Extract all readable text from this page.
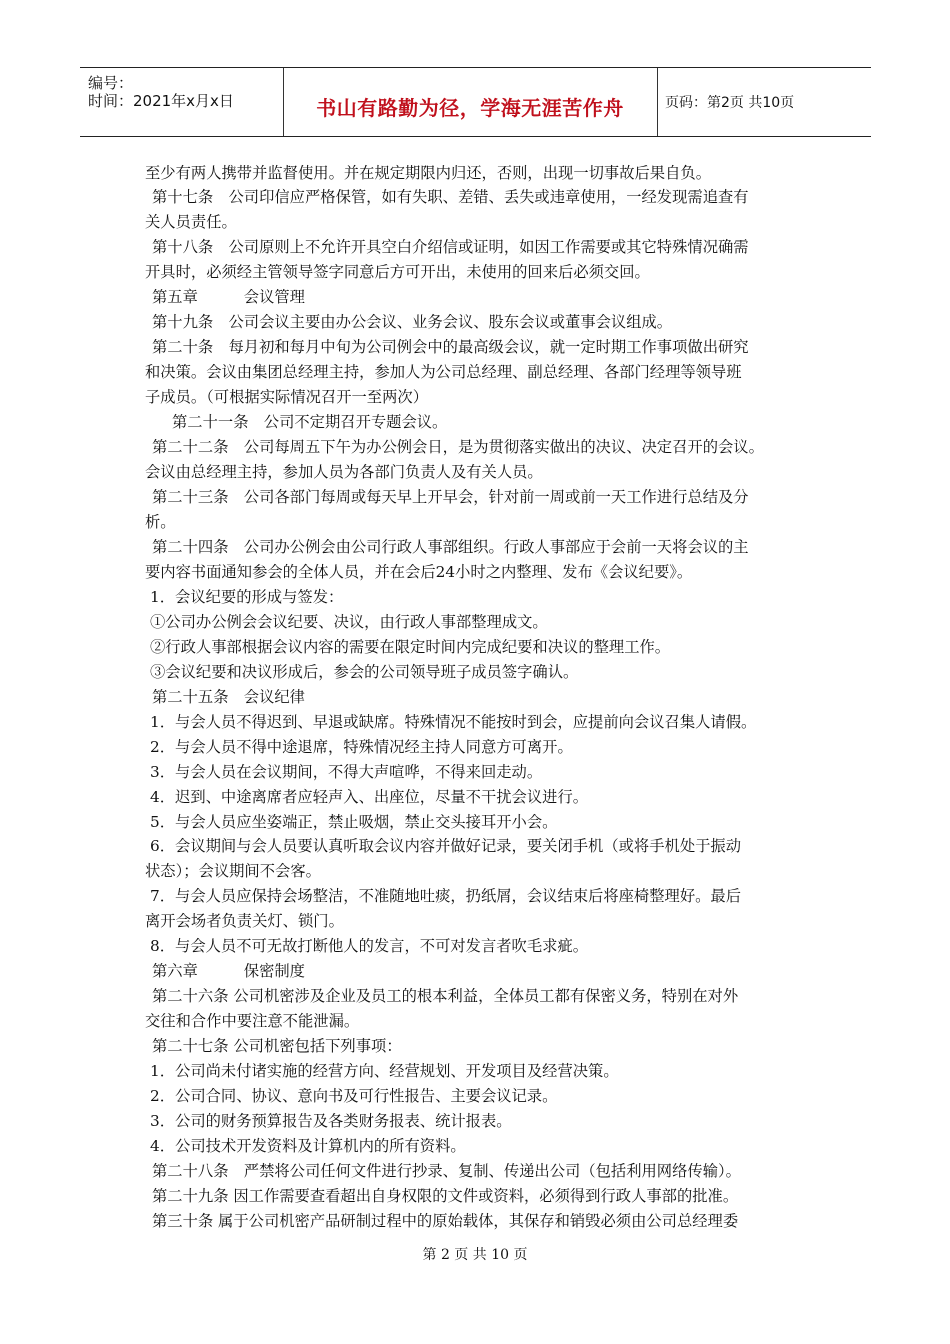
编号：
时间：2021年x月x日	书山有路勤为径，学海无涯苦作舟	页码：第2页 共10页
至少有两人携带并监督使用。并在规定期限内归还，否则，出现一切事故后果自负。
第十七条　公司印信应严格保管，如有失职、差错、丢失或违章使用，一经发现需追查有
关人员责任。
第十八条　公司原则上不允许开具空白介绍信或证明，如因工作需要或其它特殊情况确需
开具时，必须经主管领导签字同意后方可开出，未使用的回来后必须交回。
第五章　　　会议管理
第十九条　公司会议主要由办公会议、业务会议、股东会议或董事会议组成。
第二十条　每月初和每月中旬为公司例会中的最高级会议，就一定时期工作事项做出研究
和决策。会议由集团总经理主持，参加人为公司总经理、副总经理、各部门经理等领导班
子成员。（可根据实际情况召开一至两次）
第二十一条　公司不定期召开专题会议。
第二十二条　公司每周五下午为办公例会日，是为贯彻落实做出的决议、决定召开的会议。
会议由总经理主持，参加人员为各部门负责人及有关人员。
第二十三条　公司各部门每周或每天早上开早会，针对前一周或前一天工作进行总结及分
析。
第二十四条　公司办公例会由公司行政人事部组织。行政人事部应于会前一天将会议的主
要内容书面通知参会的全体人员，并在会后24小时之内整理、发布《会议纪要》。
1．会议纪要的形成与签发：
①公司办公例会会议纪要、决议，由行政人事部整理成文。
②行政人事部根据会议内容的需要在限定时间内完成纪要和决议的整理工作。
③会议纪要和决议形成后，参会的公司领导班子成员签字确认。
第二十五条　会议纪律
1．与会人员不得迟到、早退或缺席。特殊情况不能按时到会，应提前向会议召集人请假。
2．与会人员不得中途退席，特殊情况经主持人同意方可离开。
3．与会人员在会议期间，不得大声喧哗，不得来回走动。
4．迟到、中途离席者应轻声入、出座位，尽量不干扰会议进行。
5．与会人员应坐姿端正，禁止吸烟，禁止交头接耳开小会。
6．会议期间与会人员要认真听取会议内容并做好记录，要关闭手机（或将手机处于振动
状态）；会议期间不会客。
7．与会人员应保持会场整洁，不准随地吐痰，扔纸屑，会议结束后将座椅整理好。最后
离开会场者负责关灯、锁门。
8．与会人员不可无故打断他人的发言，不可对发言者吹毛求疵。
第六章　　　保密制度
第二十六条 公司机密涉及企业及员工的根本利益，全体员工都有保密义务，特别在对外
交往和合作中要注意不能泄漏。
第二十七条 公司机密包括下列事项：
1．公司尚未付诸实施的经营方向、经营规划、开发项目及经营决策。
2．公司合同、协议、意向书及可行性报告、主要会议记录。
3．公司的财务预算报告及各类财务报表、统计报表。
4．公司技术开发资料及计算机内的所有资料。
第二十八条　严禁将公司任何文件进行抄录、复制、传递出公司（包括利用网络传输）。
第二十九条 因工作需要查看超出自身权限的文件或资料，必须得到行政人事部的批准。
第三十条 属于公司机密产品研制过程中的原始载体，其保存和销毁必须由公司总经理委
第 2 页 共 10 页
